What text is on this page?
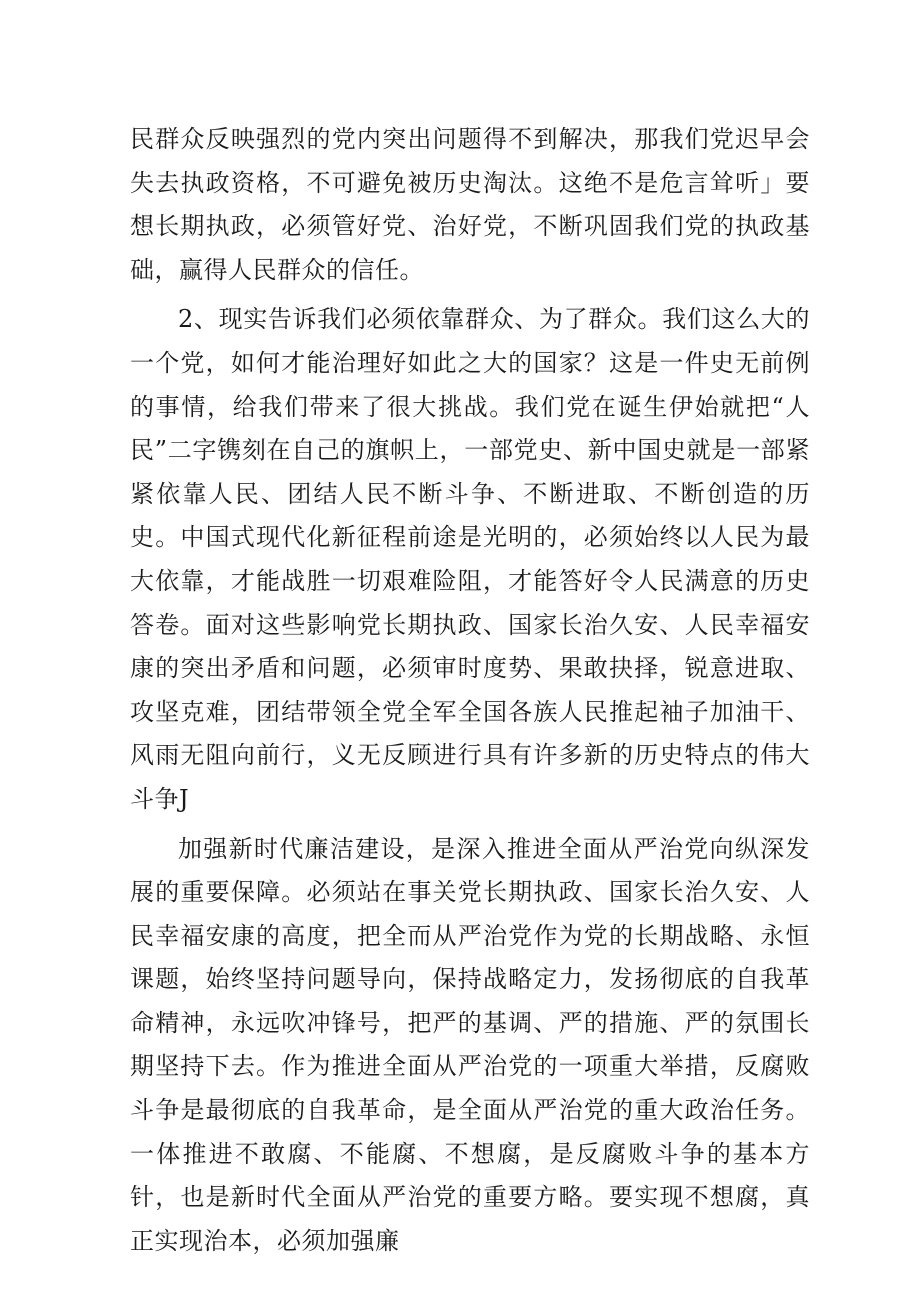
民群众反映强烈的党内突出问题得不到解决，那我们党迟早会失去执政资格，不可避免被历史淘汰。这绝不是危言耸听」要想长期执政，必须管好党、治好党，不断巩固我们党的执政基础，赢得人民群众的信任。

2、现实告诉我们必须依靠群众、为了群众。我们这么大的一个党，如何才能治理好如此之大的国家？这是一件史无前例的事情，给我们带来了很大挑战。我们党在诞生伊始就把“人民”二字镌刻在自己的旗帜上，一部党史、新中国史就是一部紧紧依靠人民、团结人民不断斗争、不断进取、不断创造的历史。中国式现代化新征程前途是光明的，必须始终以人民为最大依靠，才能战胜一切艰难险阻，才能答好令人民满意的历史答卷。面对这些影响党长期执政、国家长治久安、人民幸福安康的突出矛盾和问题，必须审时度势、果敢抉择，锐意进取、攻坚克难，团结带领全党全军全国各族人民推起袖子加油干、风雨无阻向前行，义无反顾进行具有许多新的历史特点的伟大斗争J

加强新时代廉洁建设，是深入推进全面从严治党向纵深发展的重要保障。必须站在事关党长期执政、国家长治久安、人民幸福安康的高度，把全而从严治党作为党的长期战略、永恒课题，始终坚持问题导向，保持战略定力，发扬彻底的自我革命精神，永远吹冲锋号，把严的基调、严的措施、严的氛围长期坚持下去。作为推进全面从严治党的一项重大举措，反腐败斗争是最彻底的自我革命，是全面从严治党的重大政治任务。一体推进不敢腐、不能腐、不想腐，是反腐败斗争的基本方针，也是新时代全面从严治党的重要方略。要实现不想腐，真正实现治本，必须加强廉
